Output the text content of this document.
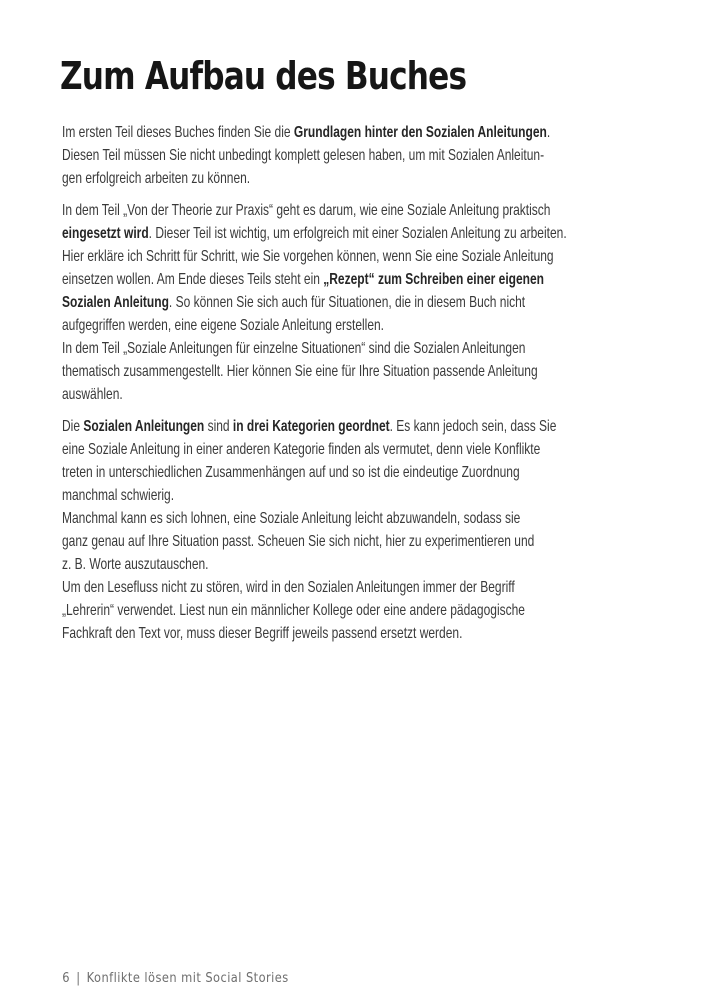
Zum Aufbau des Buches
Im ersten Teil dieses Buches finden Sie die Grundlagen hinter den Sozialen Anleitungen.
Diesen Teil müssen Sie nicht unbedingt komplett gelesen haben, um mit Sozialen Anleitun-
gen erfolgreich arbeiten zu können.
In dem Teil „Von der Theorie zur Praxis“ geht es darum, wie eine Soziale Anleitung praktisch
eingesetzt wird. Dieser Teil ist wichtig, um erfolgreich mit einer Sozialen Anleitung zu arbeiten.
Hier erkläre ich Schritt für Schritt, wie Sie vorgehen können, wenn Sie eine Soziale Anleitung
einsetzen wollen. Am Ende dieses Teils steht ein „Rezept“ zum Schreiben einer eigenen
Sozialen Anleitung. So können Sie sich auch für Situationen, die in diesem Buch nicht
aufgegriffen werden, eine eigene Soziale Anleitung erstellen.
In dem Teil „Soziale Anleitungen für einzelne Situationen“ sind die Sozialen Anleitungen
thematisch zusammengestellt. Hier können Sie eine für Ihre Situation passende Anleitung
auswählen.
Die Sozialen Anleitungen sind in drei Kategorien geordnet. Es kann jedoch sein, dass Sie
eine Soziale Anleitung in einer anderen Kategorie finden als vermutet, denn viele Konflikte
treten in unterschiedlichen Zusammenhängen auf und so ist die eindeutige Zuordnung
manchmal schwierig.
Manchmal kann es sich lohnen, eine Soziale Anleitung leicht abzuwandeln, sodass sie
ganz genau auf Ihre Situation passt. Scheuen Sie sich nicht, hier zu experimentieren und
z. B. Worte auszutauschen.
Um den Lesefluss nicht zu stören, wird in den Sozialen Anleitungen immer der Begriff
„Lehrerin“ verwendet. Liest nun ein männlicher Kollege oder eine andere pädagogische
Fachkraft den Text vor, muss dieser Begriff jeweils passend ersetzt werden.

6 | Konflikte lösen mit Social Stories
